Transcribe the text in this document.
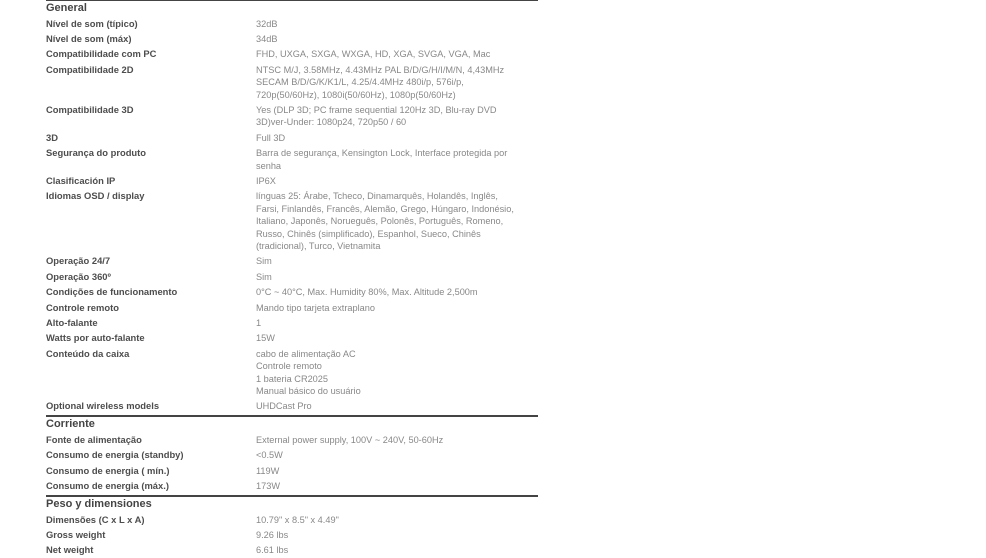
General
Nível de som (típico)	32dB
Nível de som (máx)	34dB
Compatibilidade com PC	FHD, UXGA, SXGA, WXGA, HD, XGA, SVGA, VGA, Mac
Compatibilidade 2D	NTSC M/J, 3.58MHz, 4.43MHz PAL B/D/G/H/I/M/N, 4,43MHz
SECAM B/D/G/K/K1/L, 4.25/4.4MHz 480i/p, 576i/p,
720p(50/60Hz), 1080i(50/60Hz), 1080p(50/60Hz)
Compatibilidade 3D	Yes (DLP 3D; PC frame sequential 120Hz 3D, Blu-ray DVD
3D)ver-Under: 1080p24, 720p50 / 60
3D	Full 3D
Segurança do produto	Barra de segurança, Kensington Lock, Interface protegida por
senha
Clasificación IP	IP6X
Idiomas OSD / display	línguas 25: Árabe, Tcheco, Dinamarquês, Holandês, Inglês,
Farsi, Finlandês, Francês, Alemão, Grego, Húngaro, Indonésio,
Italiano, Japonês, Norueguês, Polonês, Português, Romeno,
Russo, Chinês (simplificado), Espanhol, Sueco, Chinês
(tradicional), Turco, Vietnamita
Operação 24/7	Sim
Operação 360º	Sim
Condições de funcionamento	0°C ~ 40°C, Max. Humidity 80%, Max. Altitude 2,500m
Controle remoto	Mando tipo tarjeta extraplano
Alto-falante	1
Watts por auto-falante	15W
Conteúdo da caixa	cabo de alimentação AC
Controle remoto
1 bateria CR2025
Manual básico do usuário
Optional wireless models	UHDCast Pro
Corriente
Fonte de alimentação	External power supply, 100V ~ 240V, 50-60Hz
Consumo de energia (standby)	<0.5W
Consumo de energia ( mín.)	119W
Consumo de energia (máx.)	173W
Peso y dimensiones
Dimensões (C x L x A)	10.79" x 8.5" x 4.49"
Gross weight	9.26 lbs
Net weight	6.61 lbs
